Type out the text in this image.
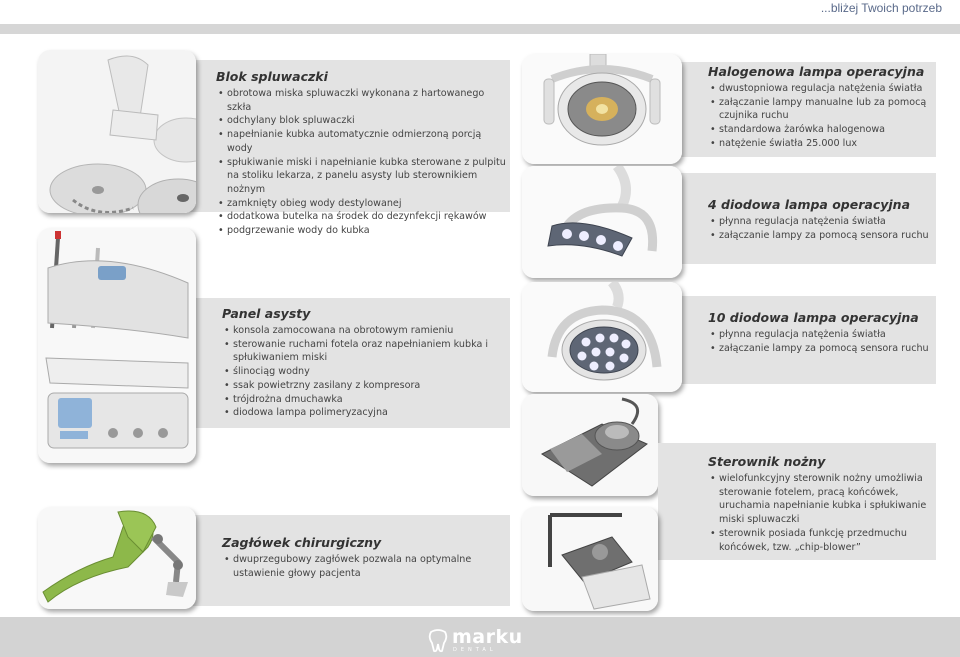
...bliżej Twoich potrzeb
Blok spluwaczki
• obrotowa miska spluwaczki wykonana z hartowanego szkła
• odchylany blok spluwaczki
• napełnianie kubka automatycznie odmierzoną porcją wody
• spłukiwanie miski i napełnianie kubka sterowane z pulpitu na stoliku lekarza, z panelu asysty lub sterownikiem nożnym
• zamknięty obieg wody destylowanej
• dodatkowa butelka na środek do dezynfekcji rękawów
• podgrzewanie wody do kubka
Halogenowa lampa operacyjna
• dwustopniowa regulacja natężenia światła
• załączanie lampy manualne lub za pomocą czujnika ruchu
• standardowa żarówka halogenowa
• natężenie światła 25.000 lux
4 diodowa lampa operacyjna
• płynna regulacja natężenia światła
• załączanie lampy za pomocą sensora ruchu
Panel asysty
• konsola zamocowana na obrotowym ramieniu
• sterowanie ruchami fotela oraz napełnianiem kubka i spłukiwaniem miski
• ślinociąg wodny
• ssak powietrzny zasilany z kompresora
• trójdrożna dmuchawka
• diodowa lampa polimeryzacyjna
10 diodowa lampa operacyjna
• płynna regulacja natężenia światła
• załączanie lampy za pomocą sensora ruchu
Sterownik nożny
• wielofunkcyjny sterownik nożny umożliwia sterowanie fotelem, pracą końcówek, uruchamia napełnianie kubka i spłukiwanie miski spluwaczki
• sterownik posiada funkcję przedmuchu końcówek, tzw. „chip-blower”
Zagłówek chirurgiczny
• dwuprzegubowy zagłówek pozwala na optymalne ustawienie głowy pacjenta
marku
DENTAL
